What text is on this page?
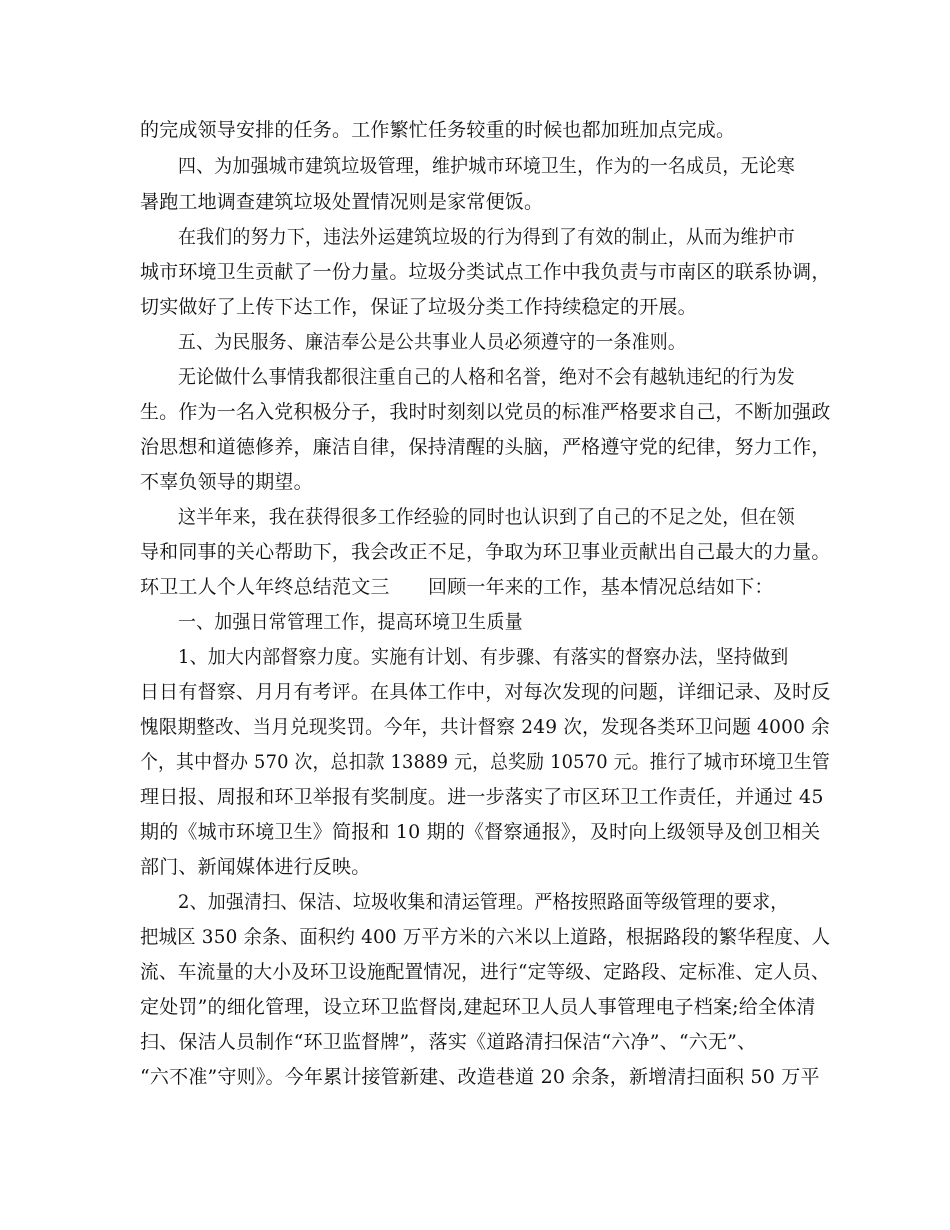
的完成领导安排的任务。工作繁忙任务较重的时候也都加班加点完成。
四、为加强城市建筑垃圾管理，维护城市环境卫生，作为的一名成员，无论寒
暑跑工地调查建筑垃圾处置情况则是家常便饭。
在我们的努力下，违法外运建筑垃圾的行为得到了有效的制止，从而为维护市
城市环境卫生贡献了一份力量。垃圾分类试点工作中我负责与市南区的联系协调，
切实做好了上传下达工作，保证了垃圾分类工作持续稳定的开展。
五、为民服务、廉洁奉公是公共事业人员必须遵守的一条准则。
无论做什么事情我都很注重自己的人格和名誉，绝对不会有越轨违纪的行为发
生。作为一名入党积极分子，我时时刻刻以党员的标准严格要求自己，不断加强政
治思想和道德修养，廉洁自律，保持清醒的头脑，严格遵守党的纪律，努力工作，
不辜负领导的期望。
这半年来，我在获得很多工作经验的同时也认识到了自己的不足之处，但在领
导和同事的关心帮助下，我会改正不足，争取为环卫事业贡献出自己最大的力量。
环卫工人个人年终总结范文三　　回顾一年来的工作，基本情况总结如下：
一、加强日常管理工作，提高环境卫生质量
1、加大内部督察力度。实施有计划、有步骤、有落实的督察办法，坚持做到
日日有督察、月月有考评。在具体工作中，对每次发现的问题，详细记录、及时反
愧限期整改、当月兑现奖罚。今年，共计督察 249 次，发现各类环卫问题 4000 余
个，其中督办 570 次，总扣款 13889 元，总奖励 10570 元。推行了城市环境卫生管
理日报、周报和环卫举报有奖制度。进一步落实了市区环卫工作责任，并通过 45
期的《城市环境卫生》简报和 10 期的《督察通报》，及时向上级领导及创卫相关
部门、新闻媒体进行反映。
2、加强清扫、保洁、垃圾收集和清运管理。严格按照路面等级管理的要求，
把城区 350 余条、面积约 400 万平方米的六米以上道路，根据路段的繁华程度、人
流、车流量的大小及环卫设施配置情况，进行“定等级、定路段、定标准、定人员、
定处罚”的细化管理，设立环卫监督岗,建起环卫人员人事管理电子档案;给全体清
扫、保洁人员制作“环卫监督牌”，落实《道路清扫保洁“六净”、“六无”、
“六不准”守则》。今年累计接管新建、改造巷道 20 余条，新增清扫面积 50 万平
